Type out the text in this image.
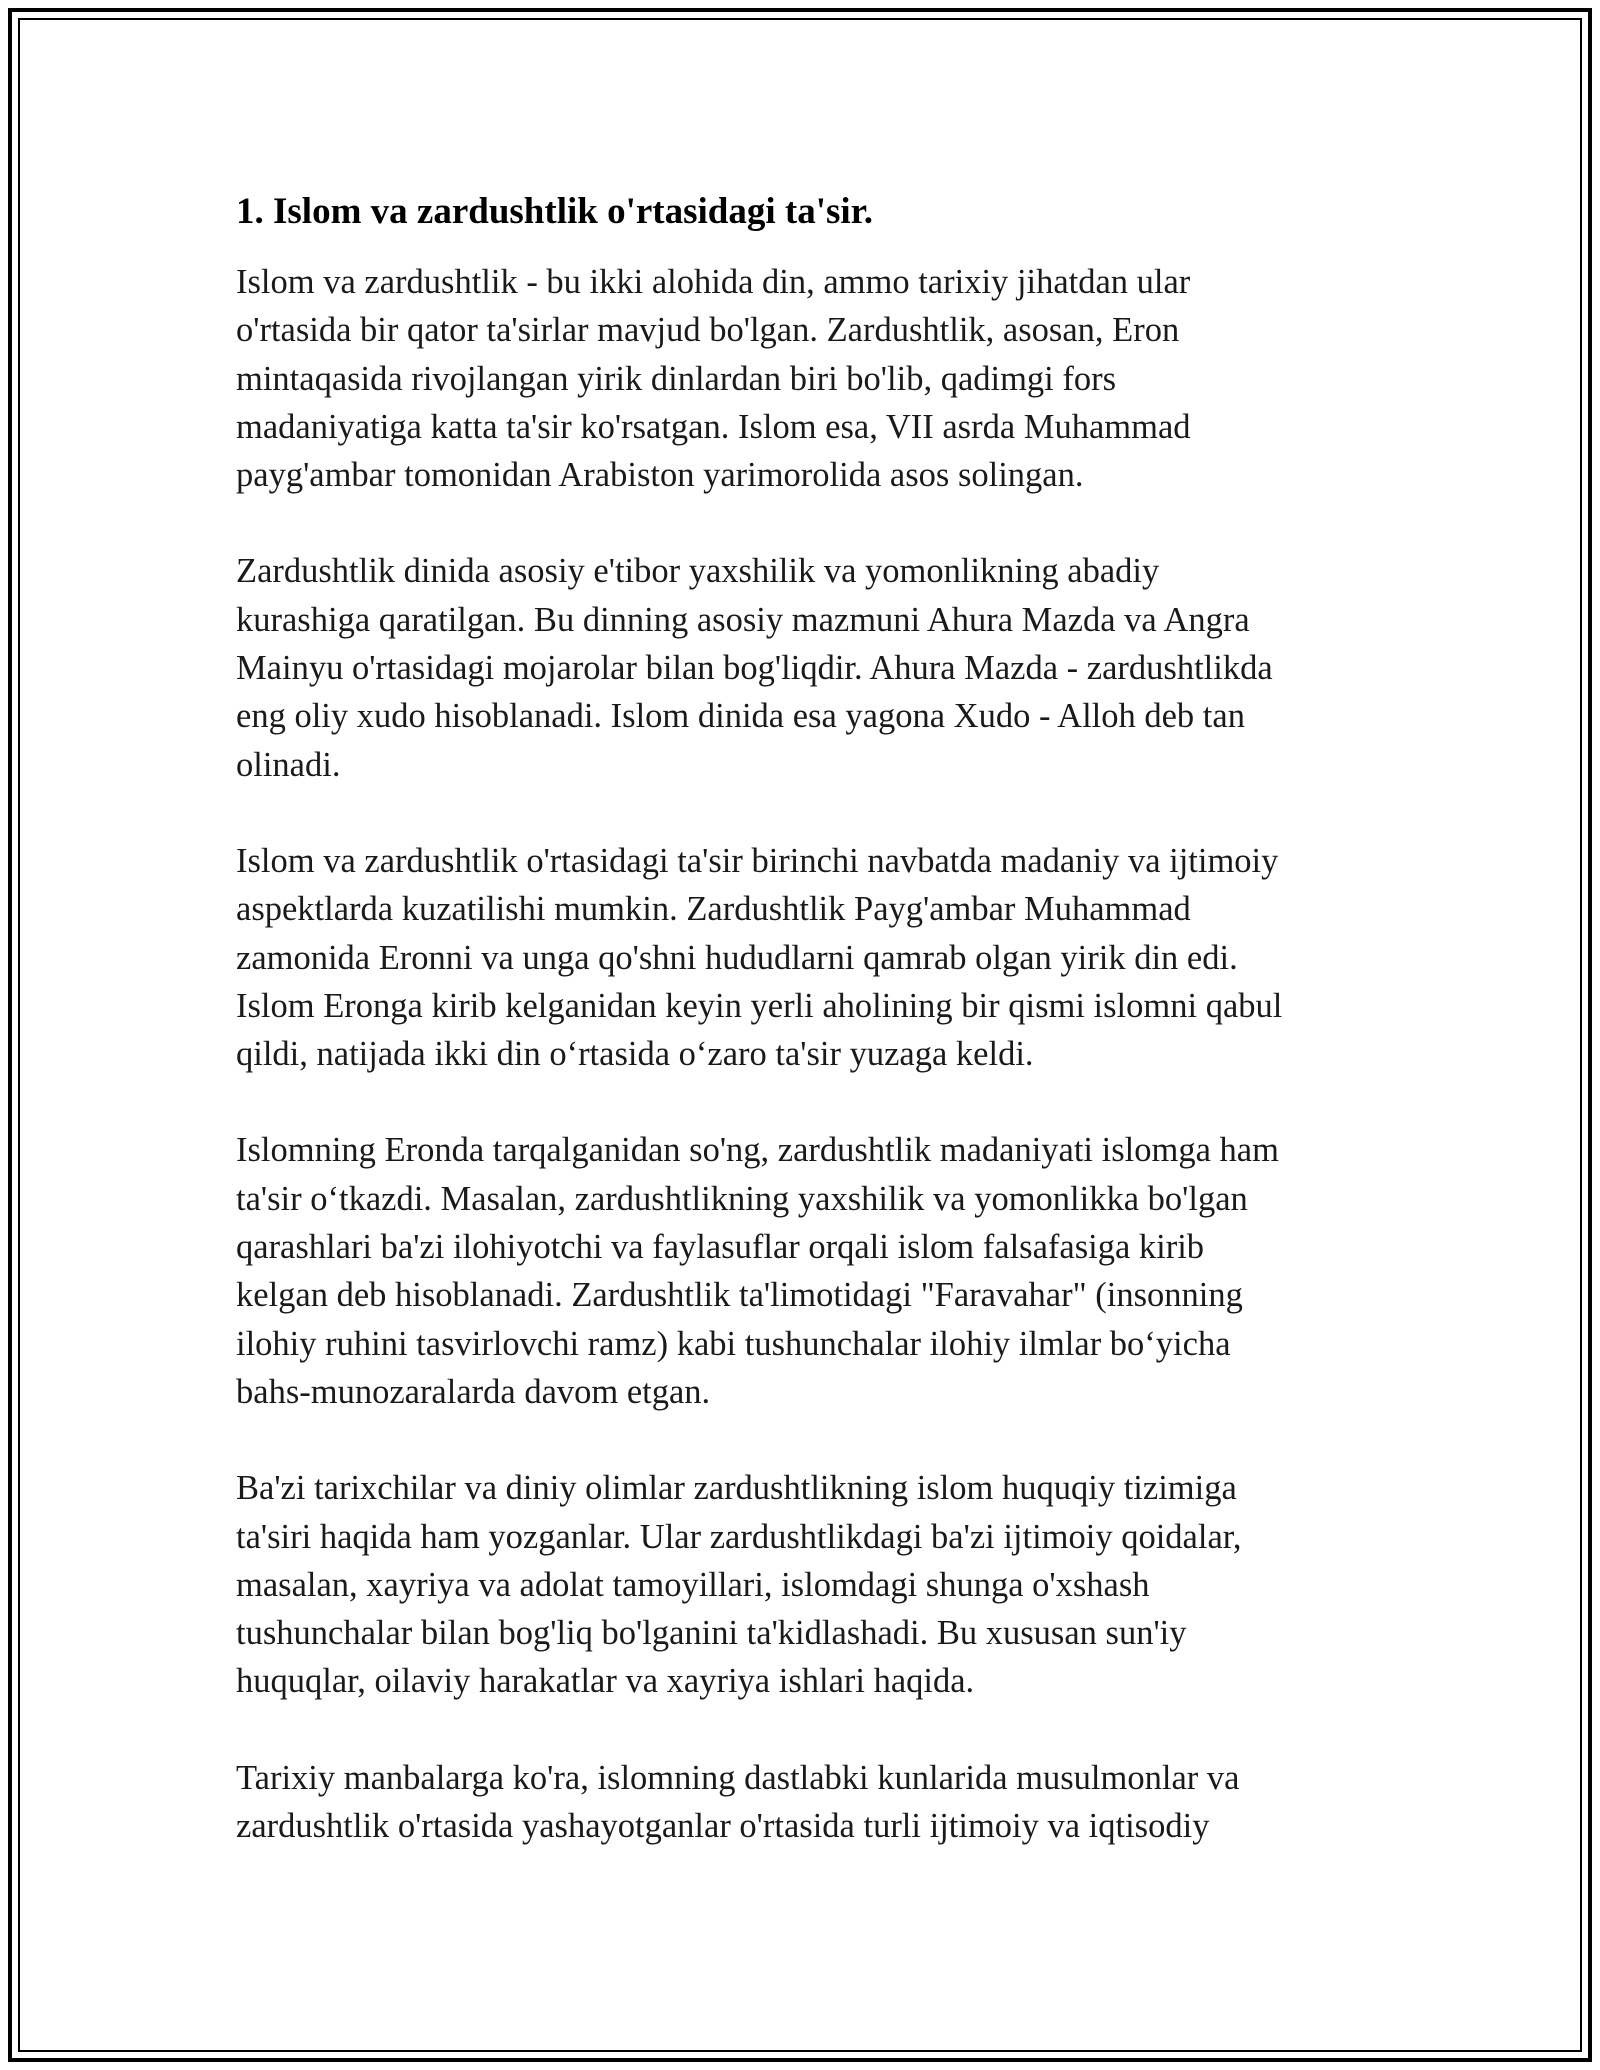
1. Islom va zardushtlik o'rtasidagi ta'sir.
Islom va zardushtlik - bu ikki alohida din, ammo tarixiy jihatdan ular
o'rtasida bir qator ta'sirlar mavjud bo'lgan. Zardushtlik, asosan, Eron
mintaqasida rivojlangan yirik dinlardan biri bo'lib, qadimgi fors
madaniyatiga katta ta'sir ko'rsatgan. Islom esa, VII asrda Muhammad
payg'ambar tomonidan Arabiston yarimorolida asos solingan.
Zardushtlik dinida asosiy e'tibor yaxshilik va yomonlikning abadiy
kurashiga qaratilgan. Bu dinning asosiy mazmuni Ahura Mazda va Angra
Mainyu o'rtasidagi mojarolar bilan bog'liqdir. Ahura Mazda - zardushtlikda
eng oliy xudo hisoblanadi. Islom dinida esa yagona Xudo - Alloh deb tan
olinadi.
Islom va zardushtlik o'rtasidagi ta'sir birinchi navbatda madaniy va ijtimoiy
aspektlarda kuzatilishi mumkin. Zardushtlik Payg'ambar Muhammad
zamonida Eronni va unga qo'shni hududlarni qamrab olgan yirik din edi.
Islom Eronga kirib kelganidan keyin yerli aholining bir qismi islomni qabul
qildi, natijada ikki din o‘rtasida o‘zaro ta'sir yuzaga keldi.
Islomning Eronda tarqalganidan so'ng, zardushtlik madaniyati islomga ham
ta'sir o‘tkazdi. Masalan, zardushtlikning yaxshilik va yomonlikka bo'lgan
qarashlari ba'zi ilohiyotchi va faylasuflar orqali islom falsafasiga kirib
kelgan deb hisoblanadi. Zardushtlik ta'limotidagi "Faravahar" (insonning
ilohiy ruhini tasvirlovchi ramz) kabi tushunchalar ilohiy ilmlar bo‘yicha
bahs-munozaralarda davom etgan.
Ba'zi tarixchilar va diniy olimlar zardushtlikning islom huquqiy tizimiga
ta'siri haqida ham yozganlar. Ular zardushtlikdagi ba'zi ijtimoiy qoidalar,
masalan, xayriya va adolat tamoyillari, islomdagi shunga o'xshash
tushunchalar bilan bog'liq bo'lganini ta'kidlashadi. Bu xususan sun'iy
huquqlar, oilaviy harakatlar va xayriya ishlari haqida.
Tarixiy manbalarga ko'ra, islomning dastlabki kunlarida musulmonlar va
zardushtlik o'rtasida yashayotganlar o'rtasida turli ijtimoiy va iqtisodiy
